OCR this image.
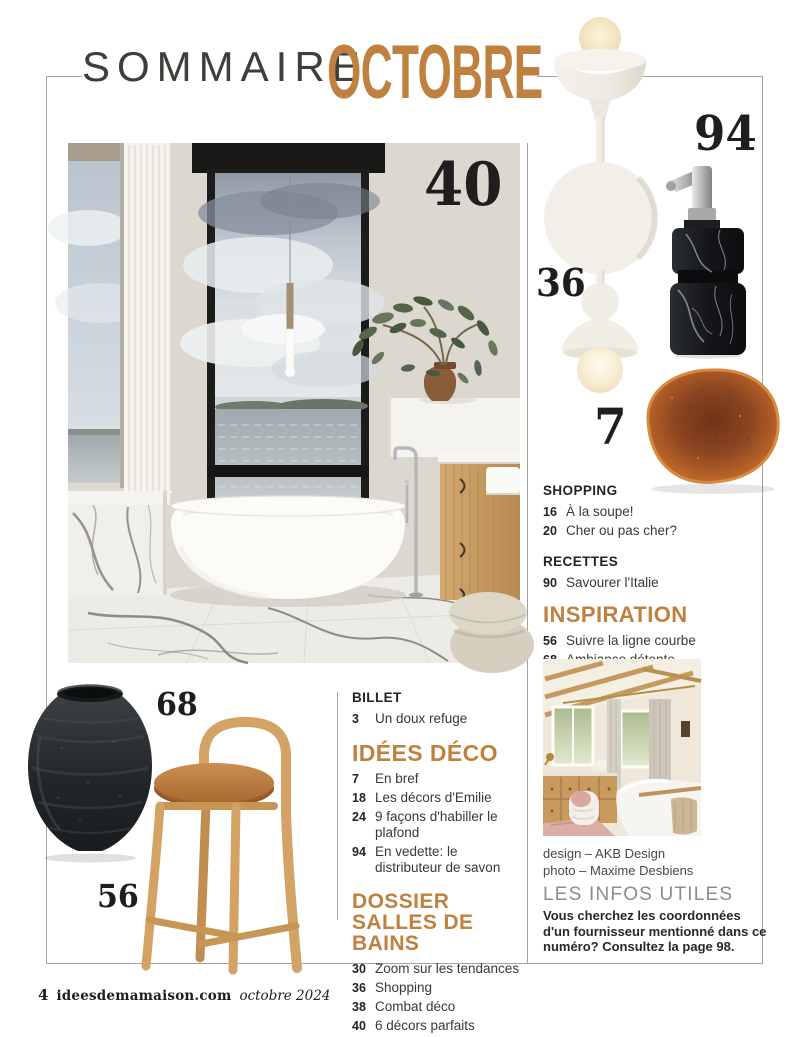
SOMMAIRE
OCTOBRE
40
94
36
7
68
56
BILLET
3	Un doux refuge
IDÉES DÉCO
7	En bref
18 Les décors d'Emilie
24 9 façons d'habiller le plafond
94 En vedette: le distributeur de savon
DOSSIER
SALLES DE BAINS
30 Zoom sur les tendances
36 Shopping
38 Combat déco
40 6 décors parfaits
SHOPPING
16 À la soupe!
20 Cher ou pas cher?
RECETTES
90 Savourer l'Italie
INSPIRATION
56 Suivre la ligne courbe
design – AKB Design
photo – Maxime Desbiens
LES INFOS UTILES
Vous cherchez les coordonnées d'un fournisseur mentionné dans ce numéro? Consultez la page 98.
4 ideesdemamaison.com octobre 2024
